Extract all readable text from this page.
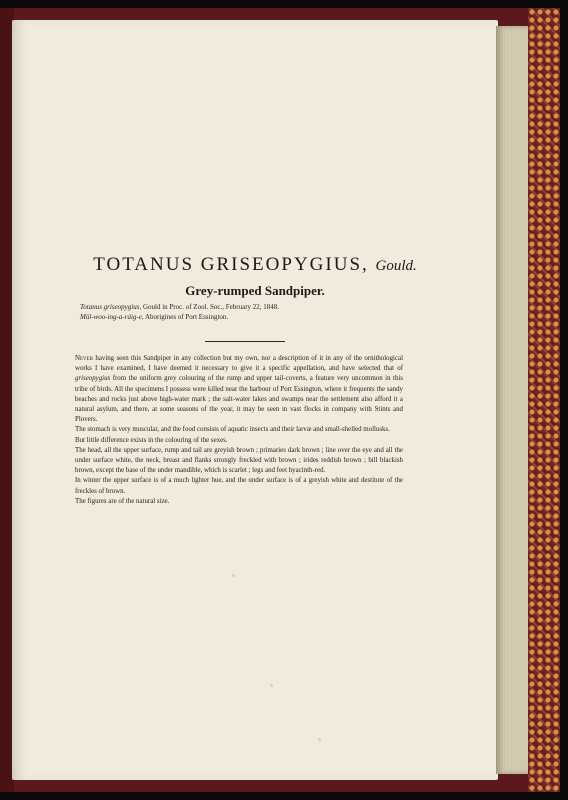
TOTANUS GRISEOPYGIUS, Gould.
Grey-rumped Sandpiper.
Totanus griseopygius, Gould in Proc. of Zool. Soc., February 22, 1848.
Mül-woo-ing-a-ráig-e, Aborigines of Port Essington.

Never having seen this Sandpiper in any collection but my own, nor a description of it in any of the ornithological works I have examined, I have deemed it necessary to give it a specific appellation, and have selected that of griseopygius from the uniform grey colouring of the rump and upper tail-coverts, a feature very uncommon in this tribe of birds. All the specimens I possess were killed near the harbour of Port Essington, where it frequents the sandy beaches and rocks just above high-water mark ; the salt-water lakes and swamps near the settlement also afford it a natural asylum, and there, at some seasons of the year, it may be seen in vast flocks in company with Stints and Plovers.

The stomach is very muscular, and the food consists of aquatic insects and their larvæ and small-shelled mollusks.

But little difference exists in the colouring of the sexes.

The head, all the upper surface, rump and tail are greyish brown ; primaries dark brown ; line over the eye and all the under surface white, the neck, breast and flanks strongly freckled with brown ; irides reddish brown ; bill blackish brown, except the base of the under mandible, which is scarlet ; legs and feet hyacinth-red.

In winter the upper surface is of a much lighter hue, and the under surface is of a greyish white and destitute of the freckles of brown.

The figures are of the natural size.
